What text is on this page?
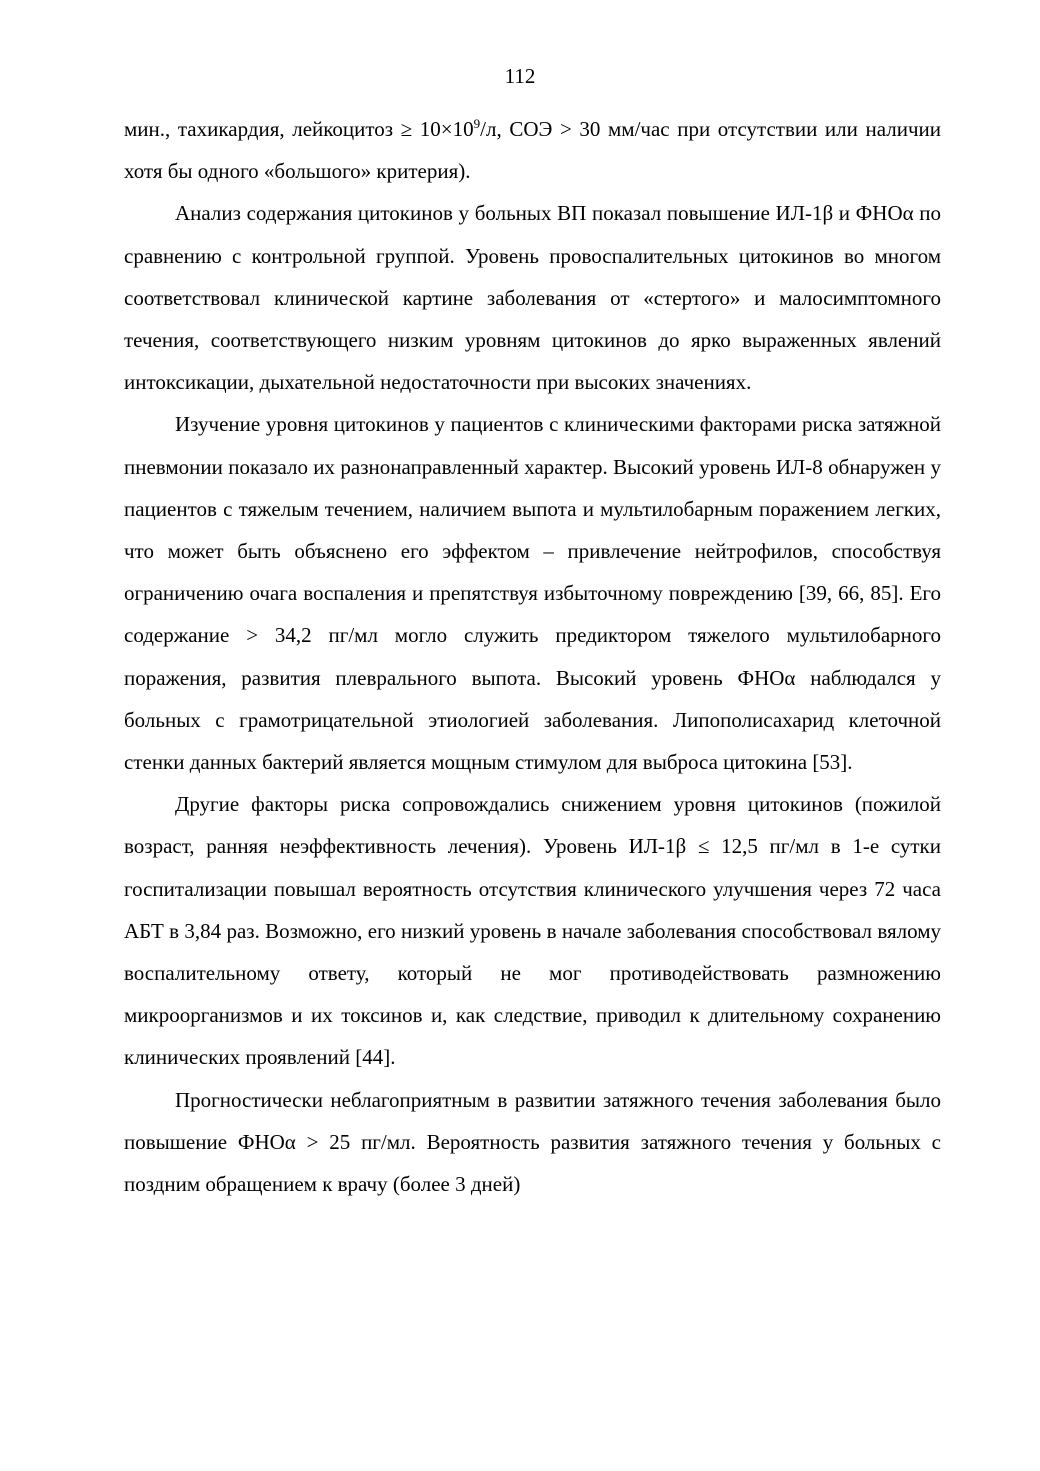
112

мин., тахикардия, лейкоцитоз ≥ $10\times 10^9/л$, СОЭ > 30 мм/час при отсутствии или наличии хотя бы одного «большого» критерия).

Анализ содержания цитокинов у больных ВП показал повышение ИЛ-1β и ФНОα по сравнению с контрольной группой. Уровень провоспалительных цитокинов во многом соответствовал клинической картине заболевания от «стертого» и малосимптомного течения, соответствующего низким уровням цитокинов до ярко выраженных явлений интоксикации, дыхательной недостаточности при высоких значениях.

Изучение уровня цитокинов у пациентов с клиническими факторами риска затяжной пневмонии показало их разнонаправленный характер. Высокий уровень ИЛ-8 обнаружен у пациентов с тяжелым течением, наличием выпота и мультилобарным поражением легких, что может быть объяснено его эффектом – привлечение нейтрофилов, способствуя ограничению очага воспаления и препятствуя избыточному повреждению [39, 66, 85]. Его содержание > 34,2 пг/мл могло служить предиктором тяжелого мультилобарного поражения, развития плеврального выпота. Высокий уровень ФНОα наблюдался у больных с грамотрицательной этиологией заболевания. Липополисахарид клеточной стенки данных бактерий является мощным стимулом для выброса цитокина [53].

Другие факторы риска сопровождались снижением уровня цитокинов (пожилой возраст, ранняя неэффективность лечения). Уровень ИЛ-1β ≤ 12,5 пг/мл в 1-е сутки госпитализации повышал вероятность отсутствия клинического улучшения через 72 часа АБТ в 3,84 раз. Возможно, его низкий уровень в начале заболевания способствовал вялому воспалительному ответу, который не мог противодействовать размножению микроорганизмов и их токсинов и, как следствие, приводил к длительному сохранению клинических проявлений [44].

Прогностически неблагоприятным в развитии затяжного течения заболевания было повышение ФНОα > 25 пг/мл. Вероятность развития затяжного течения у больных с поздним обращением к врачу (более 3 дней)
